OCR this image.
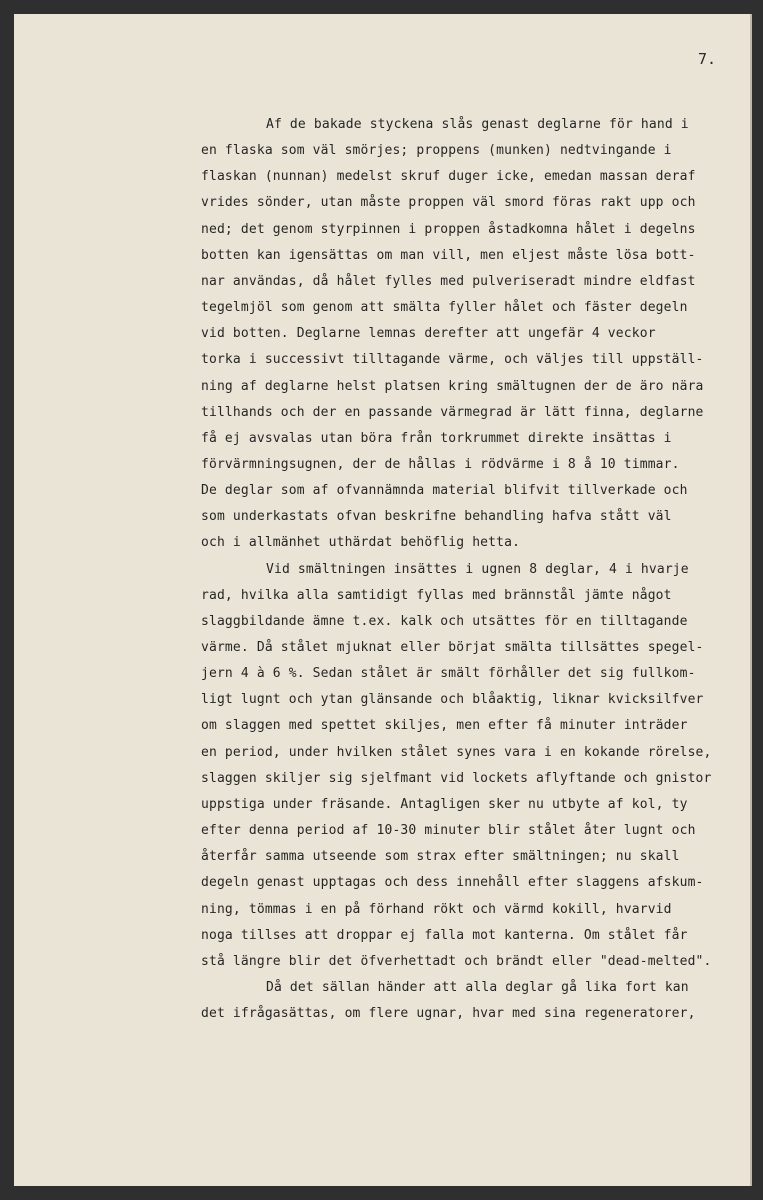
7.
Af de bakade styckena slås genast deglarne för hand i
en flaska som väl smörjes; proppens (munken) nedtvingande i
flaskan (nunnan) medelst skruf duger icke, emedan massan deraf
vrides sönder, utan måste proppen väl smord föras rakt upp och
ned; det genom styrpinnen i proppen åstadkomna hålet i degelns
botten kan igensättas om man vill, men eljest måste lösa bott-
nar användas, då hålet fylles med pulveriseradt mindre eldfast
tegelmjöl som genom att smälta fyller hålet och fäster degeln
vid botten. Deglarne lemnas derefter att ungefär 4 veckor
torka i successivt tilltagande värme, och väljes till uppställ-
ning af deglarne helst platsen kring smältugnen der de äro nära
tillhands och der en passande värmegrad är lätt finna, deglarne
få ej avsvalas utan böra från torkrummet direkte insättas i
förvärmningsugnen, der de hållas i rödvärme i 8 å 10 timmar.
De deglar som af ofvannämnda material blifvit tillverkade och
som underkastats ofvan beskrifne behandling hafva stått väl
och i allmänhet uthärdat behöflig hetta.
Vid smältningen insättes i ugnen 8 deglar, 4 i hvarje
rad, hvilka alla samtidigt fyllas med brännstål jämte något
slaggbildande ämne t.ex. kalk och utsättes för en tilltagande
värme. Då stålet mjuknat eller börjat smälta tillsättes spegel-
jern 4 à 6 %. Sedan stålet är smält förhåller det sig fullkom-
ligt lugnt och ytan glänsande och blåaktig, liknar kvicksilfver
om slaggen med spettet skiljes, men efter få minuter inträder
en period, under hvilken stålet synes vara i en kokande rörelse,
slaggen skiljer sig sjelfmant vid lockets aflyftande och gnistor
uppstiga under fräsande. Antagligen sker nu utbyte af kol, ty
efter denna period af 10-30 minuter blir stålet åter lugnt och
återfår samma utseende som strax efter smältningen; nu skall
degeln genast upptagas och dess innehåll efter slaggens afskum-
ning, tömmas i en på förhand rökt och värmd kokill, hvarvid
noga tillses att droppar ej falla mot kanterna. Om stålet får
stå längre blir det öfverhettadt och brändt eller "dead-melted".
Då det sällan händer att alla deglar gå lika fort kan
det ifrågasättas, om flere ugnar, hvar med sina regeneratorer,
